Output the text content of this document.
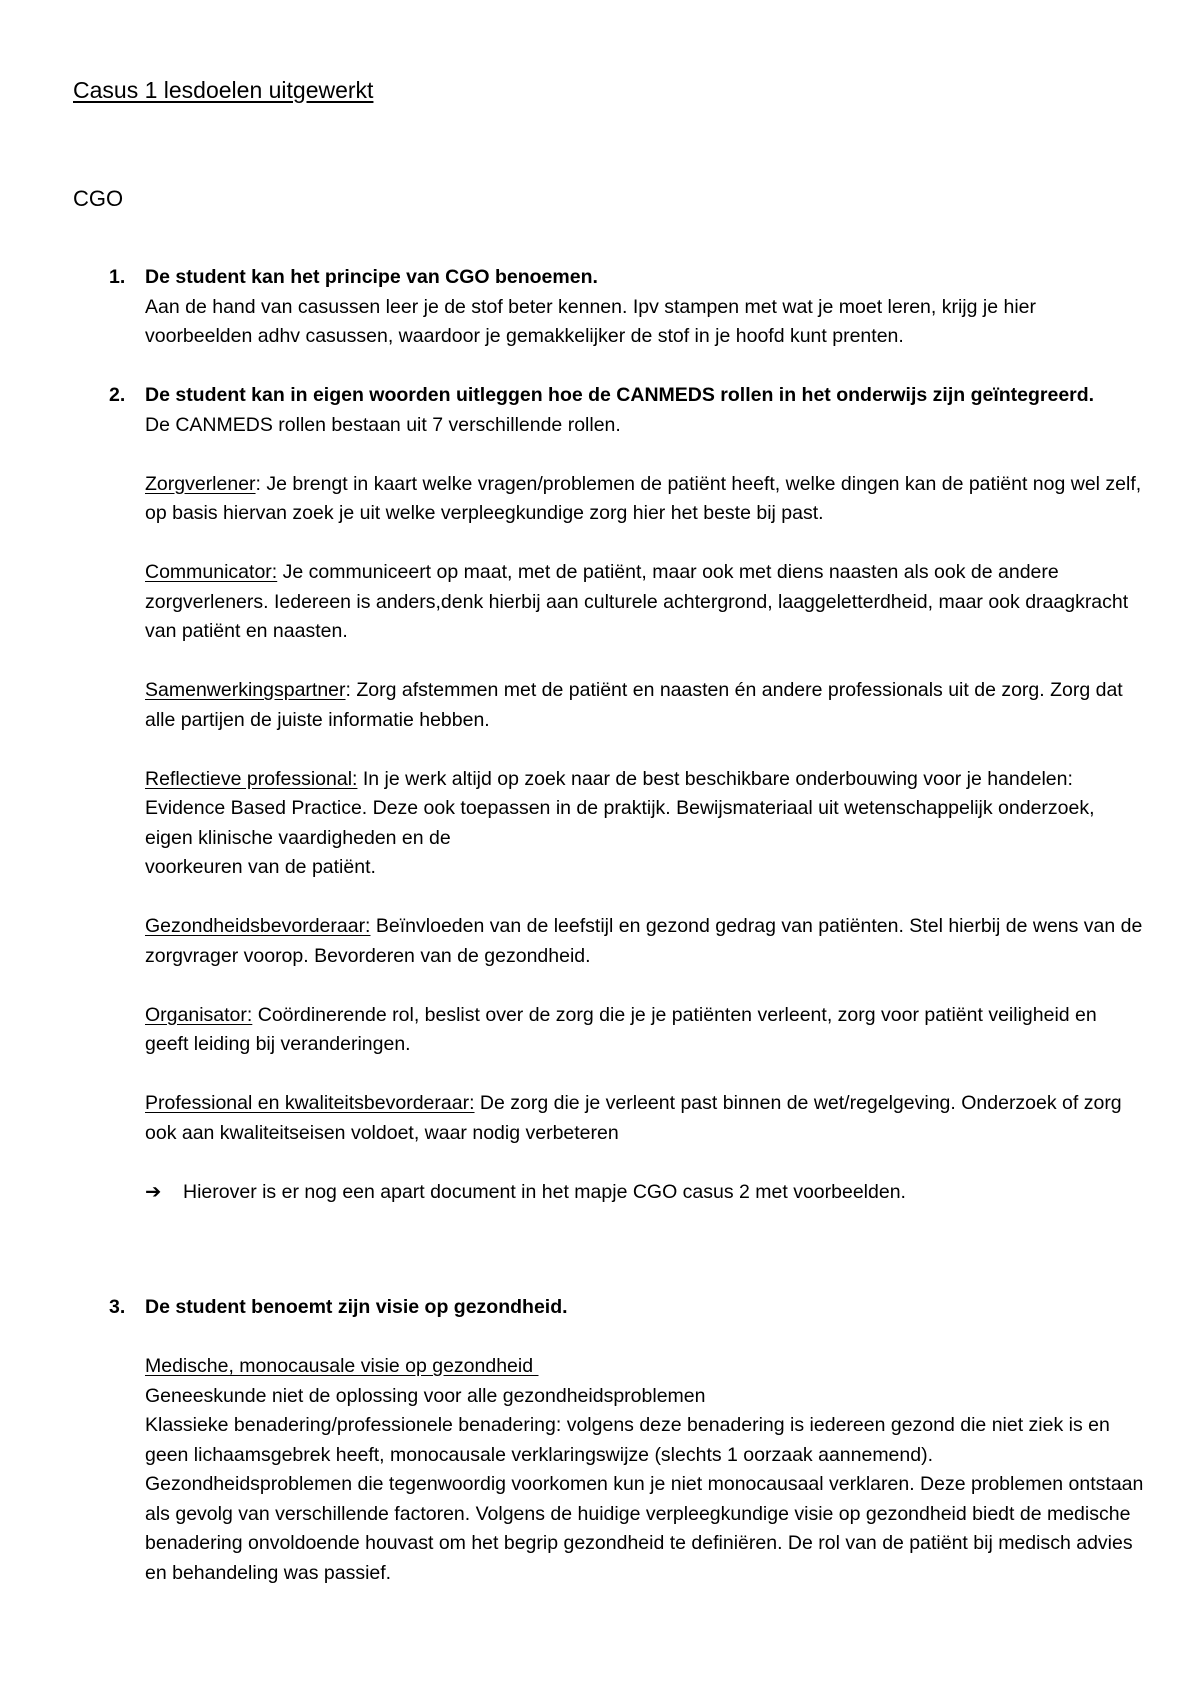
Casus 1 lesdoelen uitgewerkt
CGO
1.	De student kan het principe van CGO benoemen.

Aan de hand van casussen leer je de stof beter kennen. Ipv stampen met wat je moet leren, krijg je hier voorbeelden adhv casussen, waardoor je gemakkelijker de stof in je hoofd kunt prenten.

2.	De student kan in eigen woorden uitleggen hoe de CANMEDS rollen in het onderwijs zijn geïntegreerd.

De CANMEDS rollen bestaan uit 7 verschillende rollen.

Zorgverlener: Je brengt in kaart welke vragen/problemen de patiënt heeft, welke dingen kan de patiënt nog wel zelf, op basis hiervan zoek je uit welke verpleegkundige zorg hier het beste bij past.

Communicator: Je communiceert op maat, met de patiënt, maar ook met diens naasten als ook de andere zorgverleners. Iedereen is anders,denk hierbij aan culturele achtergrond, laaggeletterdheid, maar ook draagkracht van patiënt en naasten.

Samenwerkingspartner: Zorg afstemmen met de patiënt en naasten én andere professionals uit de zorg. Zorg dat alle partijen de juiste informatie hebben.

Reflectieve professional: In je werk altijd op zoek naar de best beschikbare onderbouwing voor je handelen: Evidence Based Practice. Deze ook toepassen in de praktijk. Bewijsmateriaal uit wetenschappelijk onderzoek, eigen klinische vaardigheden en de

voorkeuren van de patiënt.

Gezondheidsbevorderaar: Beïnvloeden van de leefstijl en gezond gedrag van patiënten. Stel hierbij de wens van de zorgvrager voorop. Bevorderen van de gezondheid.

Organisator: Coördinerende rol, beslist over de zorg die je je patiënten verleent, zorg voor patiënt veiligheid en geeft leiding bij veranderingen.

Professional en kwaliteitsbevorderaar: De zorg die je verleent past binnen de wet/regelgeving. Onderzoek of zorg ook aan kwaliteitseisen voldoet, waar nodig verbeteren

➔ Hierover is er nog een apart document in het mapje CGO casus 2 met voorbeelden.
3.	De student benoemt zijn visie op gezondheid.

Medische, monocausale visie op gezondheid

Geneeskunde niet de oplossing voor alle gezondheidsproblemen

Klassieke benadering/professionele benadering: volgens deze benadering is iedereen gezond die niet ziek is en geen lichaamsgebrek heeft, monocausale verklaringswijze (slechts 1 oorzaak aannemend).

Gezondheidsproblemen die tegenwoordig voorkomen kun je niet monocausaal verklaren. Deze problemen ontstaan als gevolg van verschillende factoren. Volgens de huidige verpleegkundige visie op gezondheid biedt de medische benadering onvoldoende houvast om het begrip gezondheid te definiëren. De rol van de patiënt bij medisch advies en behandeling was passief.
